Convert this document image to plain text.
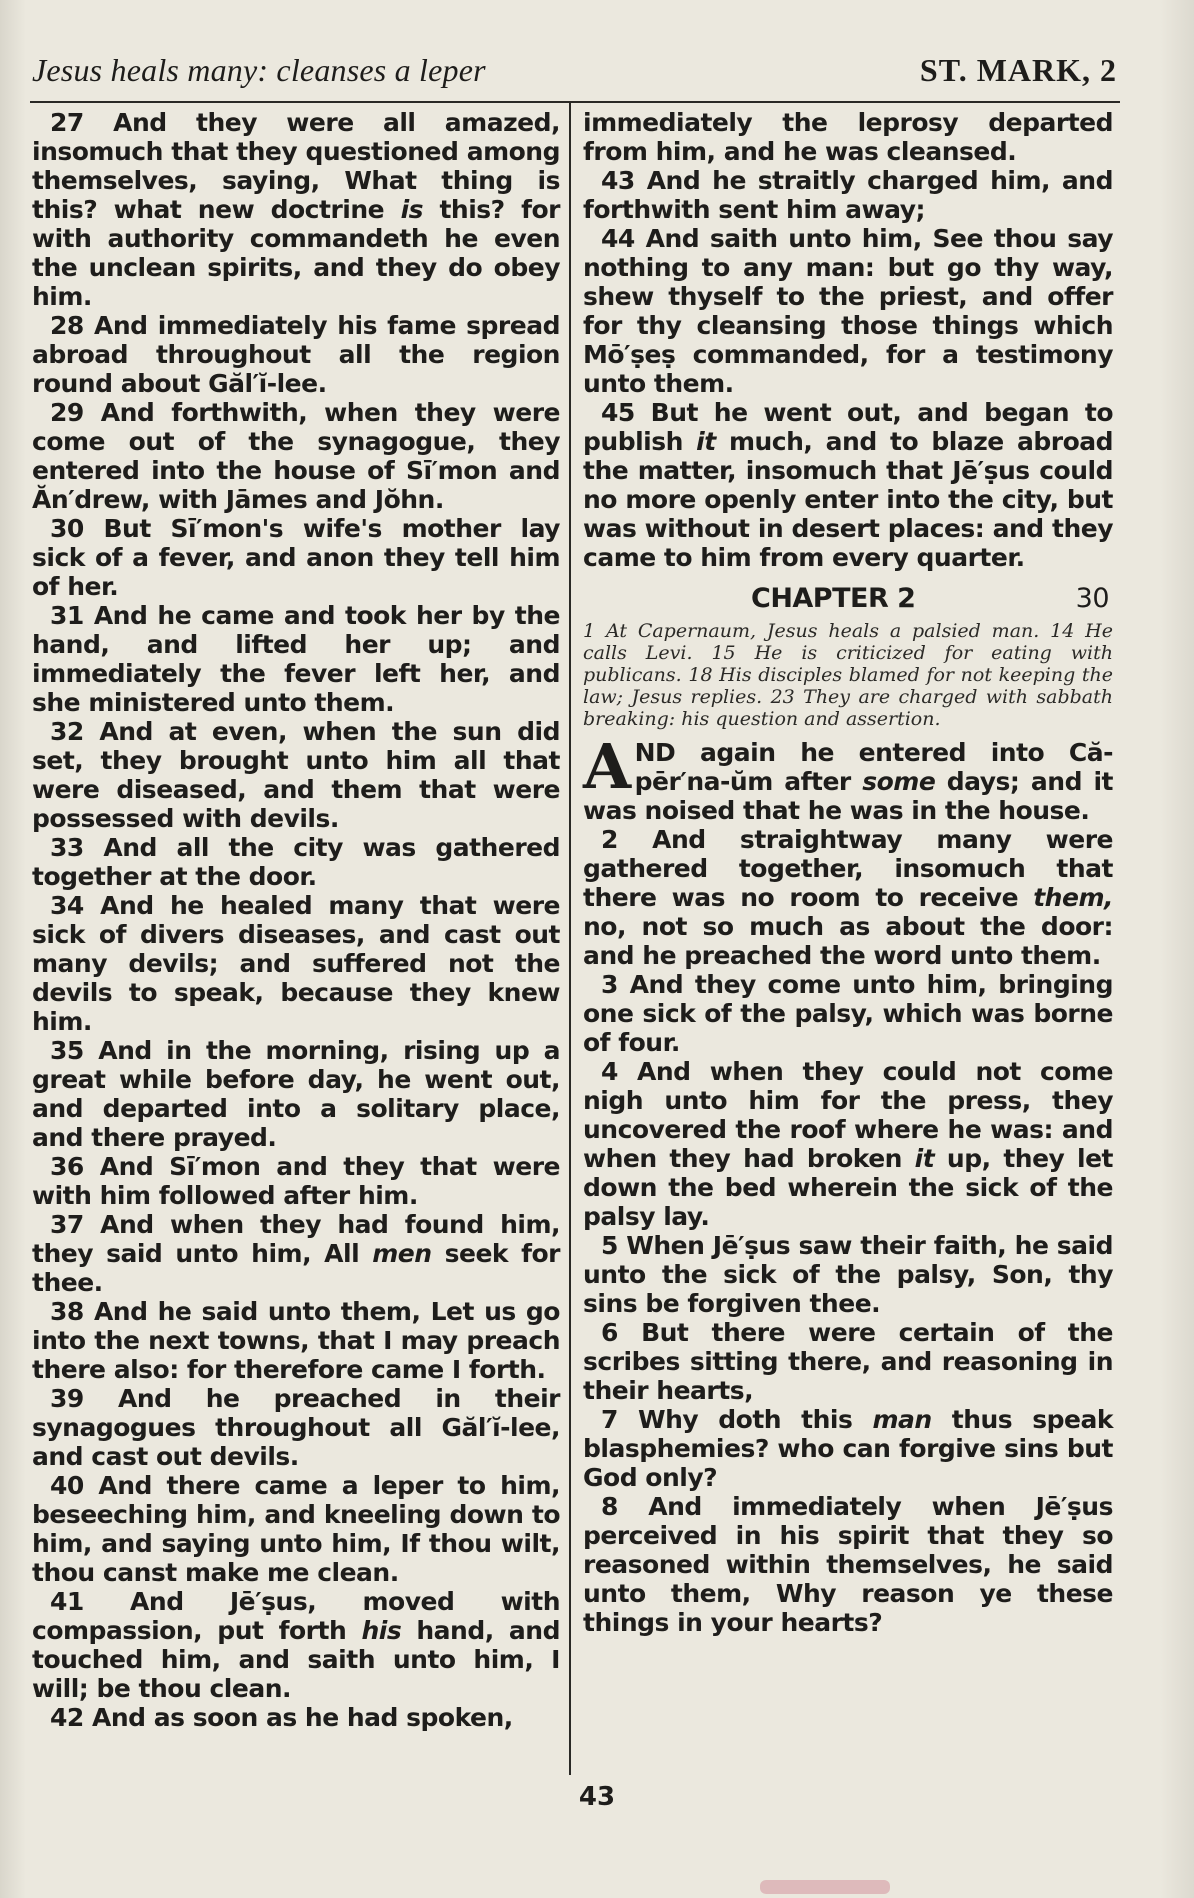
Jesus heals many: cleanses a leper	ST. MARK, 2

27 And they were all amazed, insomuch that they questioned among themselves, saying, What thing is this? what new doctrine is this? for with authority commandeth he even the unclean spirits, and they do obey him.

28 And immediately his fame spread abroad throughout all the region round about Găl′ĭ-lee.

29 And forthwith, when they were come out of the synagogue, they entered into the house of Sī′mon and Ăn′drew, with Jāmes and Jŏhn.

30 But Sī′mon's wife's mother lay sick of a fever, and anon they tell him of her.

31 And he came and took her by the hand, and lifted her up; and immediately the fever left her, and she ministered unto them.

32 And at even, when the sun did set, they brought unto him all that were diseased, and them that were possessed with devils.

33 And all the city was gathered together at the door.

34 And he healed many that were sick of divers diseases, and cast out many devils; and suffered not the devils to speak, because they knew him.

35 And in the morning, rising up a great while before day, he went out, and departed into a solitary place, and there prayed.

36 And Sī′mon and they that were with him followed after him.

37 And when they had found him, they said unto him, All men seek for thee.

38 And he said unto them, Let us go into the next towns, that I may preach there also: for therefore came I forth.

39 And he preached in their synagogues throughout all Găl′ĭ-lee, and cast out devils.

40 And there came a leper to him, beseeching him, and kneeling down to him, and saying unto him, If thou wilt, thou canst make me clean.

41 And Jē′ṣus, moved with compassion, put forth his hand, and touched him, and saith unto him, I will; be thou clean.

42 And as soon as he had spoken,

immediately the leprosy departed from him, and he was cleansed.

43 And he straitly charged him, and forthwith sent him away;

44 And saith unto him, See thou say nothing to any man: but go thy way, shew thyself to the priest, and offer for thy cleansing those things which Mō′ṣeṣ commanded, for a testimony unto them.

45 But he went out, and began to publish it much, and to blaze abroad the matter, insomuch that Jē′ṣus could no more openly enter into the city, but was without in desert places: and they came to him from every quarter.

CHAPTER 2	30

1 At Capernaum, Jesus heals a palsied man. 14 He calls Levi. 15 He is criticized for eating with publicans. 18 His disciples blamed for not keeping the law; Jesus replies. 23 They are charged with sabbath breaking: his question and assertion.

AND again he entered into Că-pēr′na-ŭm after some days; and it was noised that he was in the house.

2 And straightway many were gathered together, insomuch that there was no room to receive them, no, not so much as about the door: and he preached the word unto them.

3 And they come unto him, bringing one sick of the palsy, which was borne of four.

4 And when they could not come nigh unto him for the press, they uncovered the roof where he was: and when they had broken it up, they let down the bed wherein the sick of the palsy lay.

5 When Jē′ṣus saw their faith, he said unto the sick of the palsy, Son, thy sins be forgiven thee.

6 But there were certain of the scribes sitting there, and reasoning in their hearts,

7 Why doth this man thus speak blasphemies? who can forgive sins but God only?

8 And immediately when Jē′ṣus perceived in his spirit that they so reasoned within themselves, he said unto them, Why reason ye these things in your hearts?

43
